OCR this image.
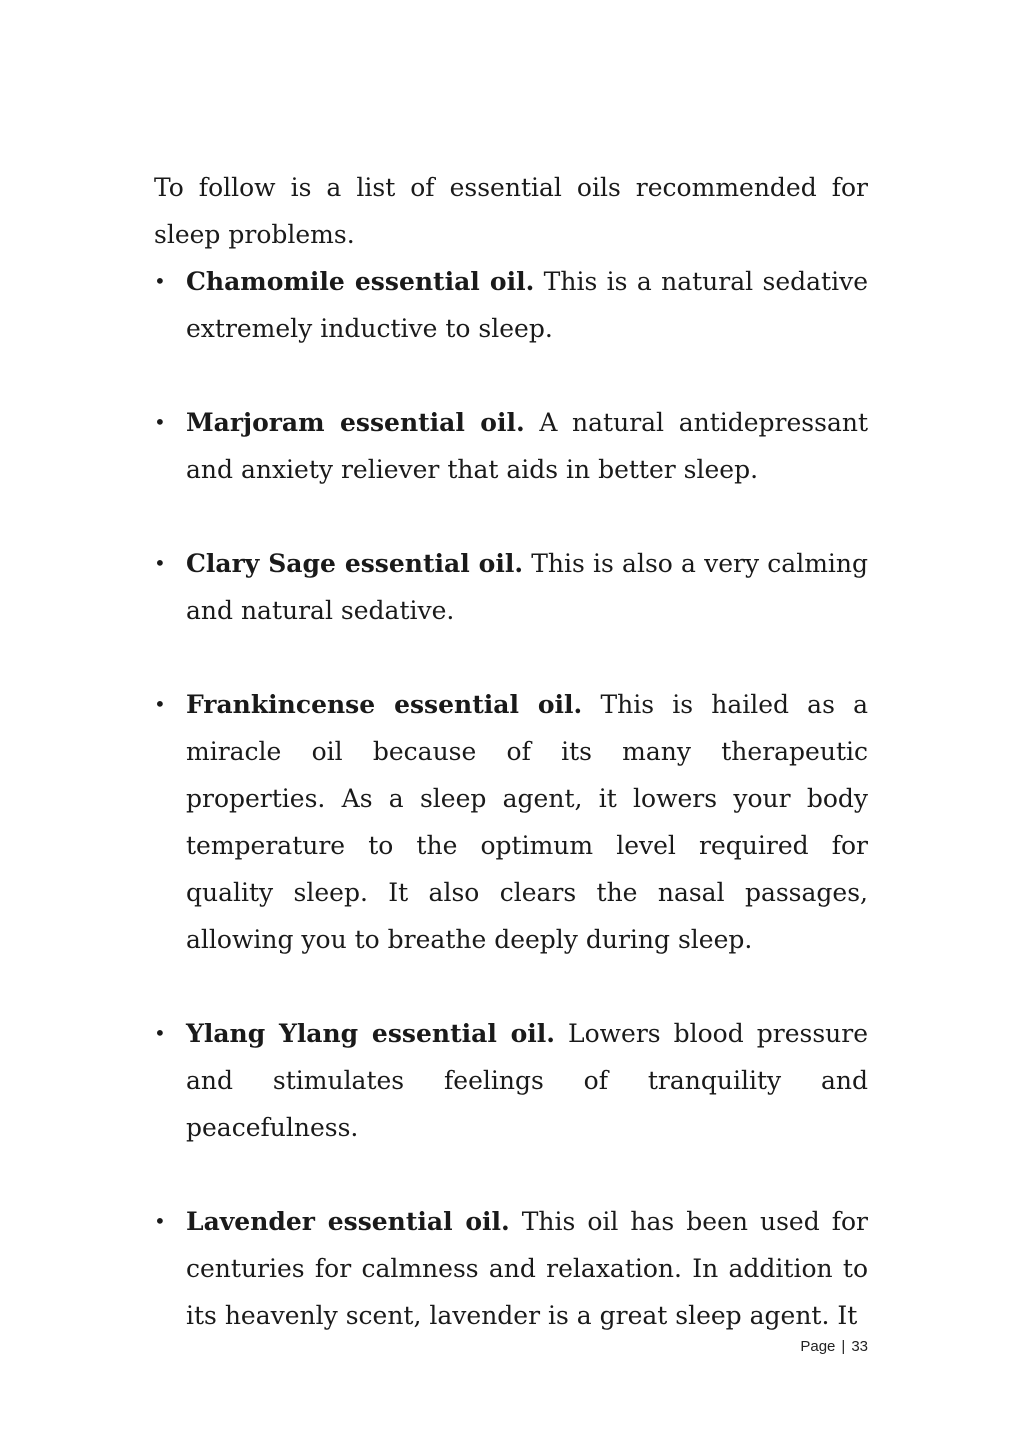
To follow is a list of essential oils recommended for sleep problems.

• Chamomile essential oil. This is a natural sedative extremely inductive to sleep.
• Marjoram essential oil. A natural antidepressant and anxiety reliever that aids in better sleep.
• Clary Sage essential oil. This is also a very calming and natural sedative.
• Frankincense essential oil. This is hailed as a miracle oil because of its many therapeutic properties. As a sleep agent, it lowers your body temperature to the optimum level required for quality sleep. It also clears the nasal passages, allowing you to breathe deeply during sleep.
• Ylang Ylang essential oil. Lowers blood pressure and stimulates feelings of tranquility and peacefulness.
• Lavender essential oil. This oil has been used for centuries for calmness and relaxation. In addition to its heavenly scent, lavender is a great sleep agent. It
Page | 33
